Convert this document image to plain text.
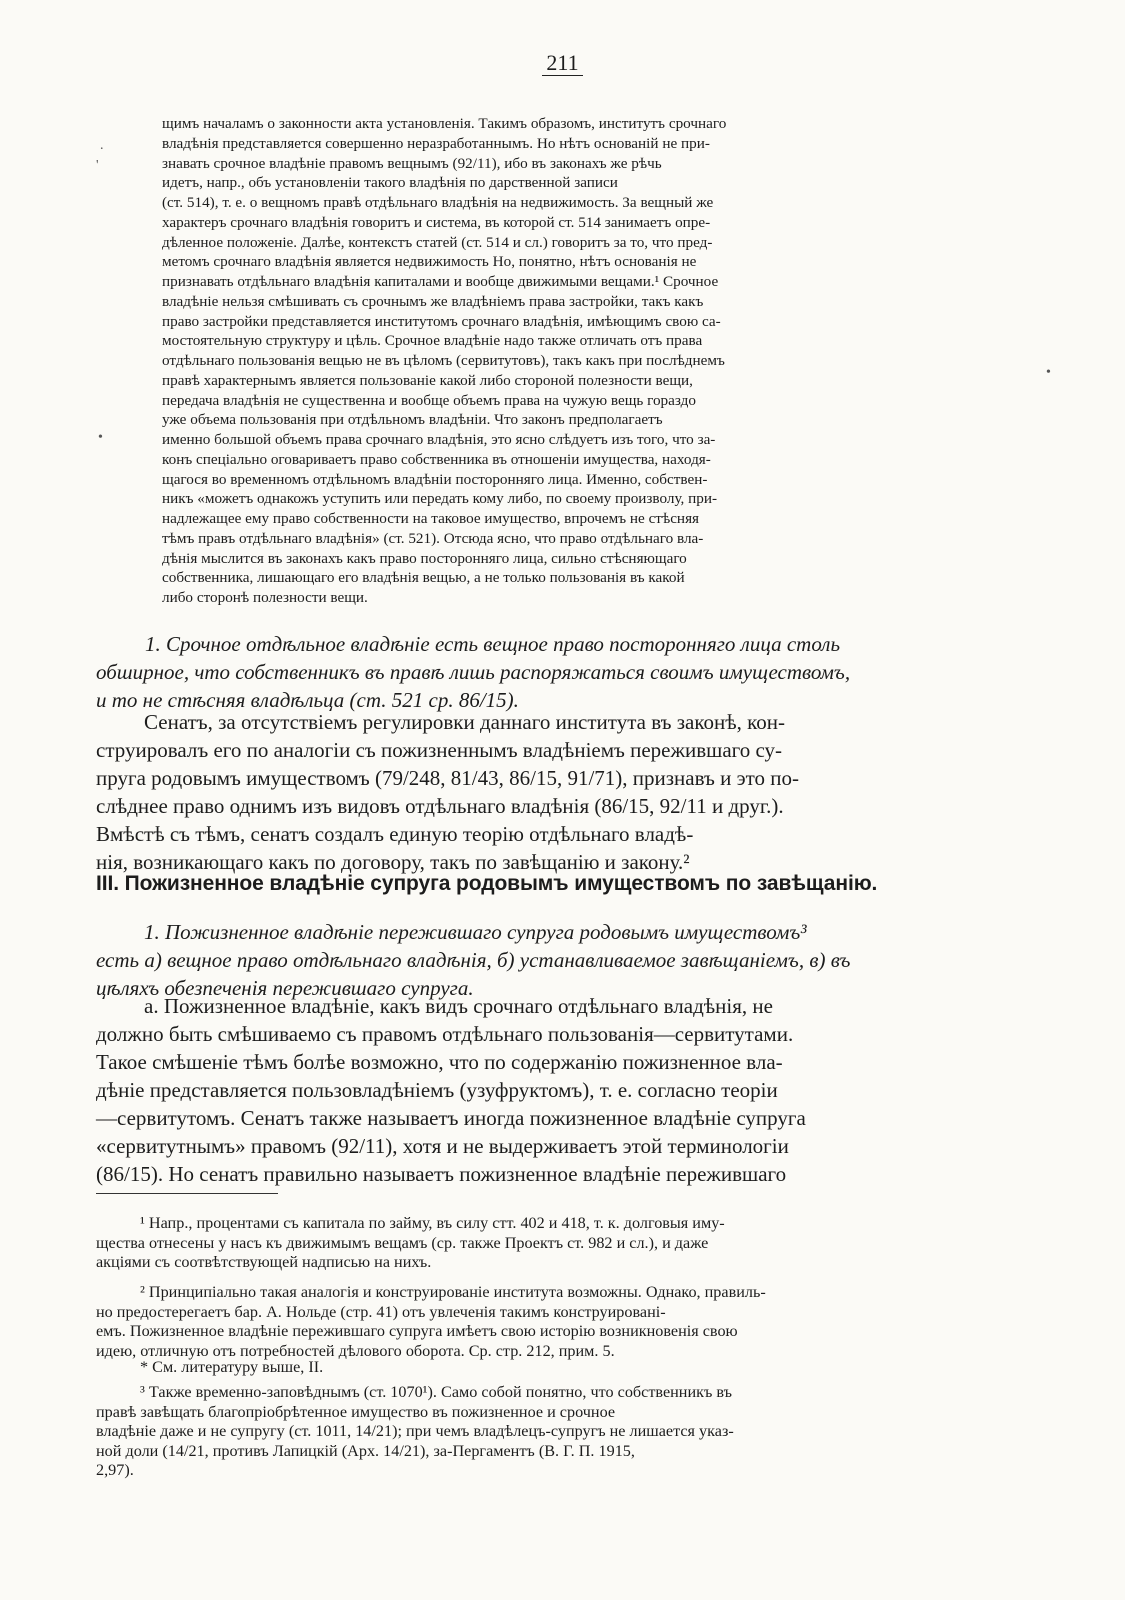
211
щимъ началамъ о законности акта установленія. Такимъ образомъ, институтъ срочнаго
владѣнія представляется совершенно неразработаннымъ. Но нѣтъ основаній не при-
знавать срочное владѣніе правомъ вещнымъ (92/11), ибо въ законахъ же рѣчь
идетъ, напр., объ установленіи такого владѣнія по дарственной записи
(ст. 514), т. е. о вещномъ правѣ отдѣльнаго владѣнія на недвижимость. За вещный же
характеръ срочнаго владѣнія говоритъ и система, въ которой ст. 514 занимаетъ опре-
дѣленное положеніе. Далѣе, контекстъ статей (ст. 514 и сл.) говоритъ за то, что пред-
метомъ срочнаго владѣнія является недвижимость Но, понятно, нѣтъ основанія не
признавать отдѣльнаго владѣнія капиталами и вообще движимыми вещами.¹ Срочное
владѣніе нельзя смѣшивать съ срочнымъ же владѣніемъ права застройки, такъ какъ
право застройки представляется институтомъ срочнаго владѣнія, имѣющимъ свою са-
мостоятельную структуру и цѣль. Срочное владѣніе надо также отличать отъ права
отдѣльнаго пользованія вещью не въ цѣломъ (сервитутовъ), такъ какъ при послѣднемъ
правѣ характернымъ является пользованіе какой либо стороной полезности вещи,
передача владѣнія не существенна и вообще объемъ права на чужую вещь гораздо
уже объема пользованія при отдѣльномъ владѣніи. Что законъ предполагаетъ
именно большой объемъ права срочнаго владѣнія, это ясно слѣдуетъ изъ того, что за-
конъ спеціально оговариваетъ право собственника въ отношеніи имущества, находя-
щагося во временномъ отдѣльномъ владѣніи посторонняго лица. Именно, собствен-
никъ «можетъ однакожъ уступить или передать кому либо, по своему произволу, при-
надлежащее ему право собственности на таковое имущество, впрочемъ не стѣсняя
тѣмъ правъ отдѣльнаго владѣнія» (ст. 521). Отсюда ясно, что право отдѣльнаго вла-
дѣнія мыслится въ законахъ какъ право посторонняго лица, сильно стѣсняющаго
собственника, лишающаго его владѣнія вещью, а не только пользованія въ какой
либо сторонѣ полезности вещи.
1. Срочное отдѣльное владѣніе есть вещное право посторонняго лица столь
обширное, что собственникъ въ правѣ лишь распоряжаться своимъ имуществомъ,
и то не стѣсняя владѣльца (ст. 521 ср. 86/15).
Сенатъ, за отсутствіемъ регулировки даннаго института въ законѣ, кон-
струировалъ его по аналогіи съ пожизненнымъ владѣніемъ пережившаго су-
пруга родовымъ имуществомъ (79/248, 81/43, 86/15, 91/71), признавъ и это по-
слѣднее право однимъ изъ видовъ отдѣльнаго владѣнія (86/15, 92/11 и друг.).
Вмѣстѣ съ тѣмъ, сенатъ создалъ единую теорію отдѣльнаго владѣ-
нія, возникающаго какъ по договору, такъ по завѣщанію и закону.²
III. Пожизненное владѣніе супруга родовымъ имуществомъ по завѣщанію.
1. Пожизненное владѣніе пережившаго супруга родовымъ имуществомъ³
есть а) вещное право отдѣльнаго владѣнія, б) устанавливаемое завѣщаніемъ, в) въ
цѣляхъ обезпеченія пережившаго супруга.
а. Пожизненное владѣніе, какъ видъ срочнаго отдѣльнаго владѣнія, не
должно быть смѣшиваемо съ правомъ отдѣльнаго пользованія—сервитутами.
Такое смѣшеніе тѣмъ болѣе возможно, что по содержанію пожизненное вла-
дѣніе представляется пользовладѣніемъ (узуфруктомъ), т. е. согласно теоріи
—сервитутомъ. Сенатъ также называетъ иногда пожизненное владѣніе супруга
«сервитутнымъ» правомъ (92/11), хотя и не выдерживаетъ этой терминологіи
(86/15). Но сенатъ правильно называетъ пожизненное владѣніе пережившаго
¹ Напр., процентами съ капитала по займу, въ силу стт. 402 и 418, т. к. долговыя иму-
щества отнесены у насъ къ движимымъ вещамъ (ср. также Проектъ ст. 982 и сл.), и даже
акціями съ соотвѣтствующей надписью на нихъ.
² Принципіально такая аналогія и конструированіе института возможны. Однако, правиль-
но предостерегаетъ бар. А. Нольде (стр. 41) отъ увлеченія такимъ конструированi-
емъ. Пожизненное владѣніе пережившаго супруга имѣетъ свою исторію возникновенія свою
идею, отличную отъ потребностей дѣлового оборота. Ср. стр. 212, прим. 5.
* См. литературу выше, II.
³ Также временно-заповѣднымъ (ст. 1070¹). Само собой понятно, что собственникъ въ
правѣ завѣщать благопріобрѣтенное имущество въ пожизненное и срочное
владѣніе даже и не супругу (ст. 1011, 14/21); при чемъ владѣлецъ-супругъ не лишается указ-
ной доли (14/21, противъ Лапицкій (Арх. 14/21), за-Пергаментъ (В. Г. П. 1915,
2,97).
.
'
•
•
